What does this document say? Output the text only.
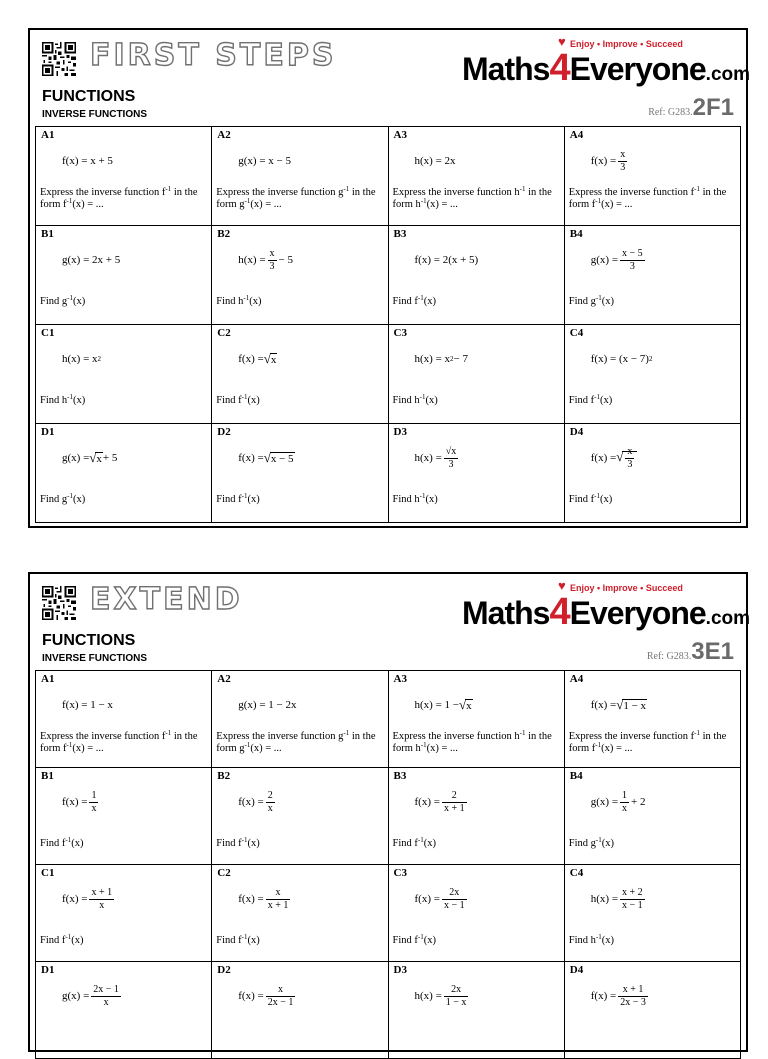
FIRST STEPS	♥ Enjoy • Improve • Succeed
Maths4Everyone.com
FUNCTIONS
INVERSE FUNCTIONS	Ref: G283.2F1
A1
f(x) = x + 5
Express the inverse function $f^{-1}$ in the form $f^{-1}(x)$ = ...
A2
g(x) = x − 5
Express the inverse function $g^{-1}$ in the form $g^{-1}(x)$ = ...
A3
h(x) = 2x
Express the inverse function $h^{-1}$ in the form $h^{-1}(x)$ = ...
A4
$f(x) = \frac{x}{3}$
Express the inverse function $f^{-1}$ in the form $f^{-1}(x)$ = ...
B1
g(x) = 2x + 5
Find $g^{-1}(x)$
B2
$h(x) = \frac{x}{3} - 5$
Find $h^{-1}(x)$
B3
f(x) = 2(x + 5)
Find $f^{-1}(x)$
B4
$g(x) = \frac{x - 5}{3}$
Find $g^{-1}(x)$
C1
h(x) = x 2
Find $h^{-1}(x)$
C2
f(x) = √x
Find $f^{-1}(x)$
C3
h(x) = x 2 − 7
Find $h^{-1}(x)$
C4
f(x) = (x − 7) 2
Find $f^{-1}(x)$
D1
g(x) = √x + 5
Find $g^{-1}(x)$
D2
f(x) = √x − 5
Find $f^{-1}(x)$
D3
$h(x) = \frac{√x}{3}$
Find $h^{-1}(x)$
D4
f(x) = √ $\frac{x}{3}$
Find $f^{-1}(x)$
EXTEND	♥ Enjoy • Improve • Succeed
Maths4Everyone.com
FUNCTIONS
INVERSE FUNCTIONS	Ref: G283.3E1
A1
f(x) = 1 − x
Express the inverse function $f^{-1}$ in the form $f^{-1}(x)$ = ...
A2
g(x) = 1 − 2x
Express the inverse function $g^{-1}$ in the form $g^{-1}(x)$ = ...
A3
h(x) = 1 − √x
Express the inverse function $h^{-1}$ in the form $h^{-1}(x)$ = ...
A4
f(x) = √1 − x
Express the inverse function $f^{-1}$ in the form $f^{-1}(x)$ = ...
B1
$f(x) = \frac{1}{x}$
Find $f^{-1}(x)$
B2
$f(x) = \frac{2}{x}$
Find $f^{-1}(x)$
B3
$f(x) = \frac{2}{x + 1}$
Find $f^{-1}(x)$
B4
$g(x) = \frac{1}{x} + 2$
Find $g^{-1}(x)$
C1
$f(x) = \frac{x + 1}{x}$
Find $f^{-1}(x)$
C2
$f(x) = \frac{x}{x + 1}$
Find $f^{-1}(x)$
C3
$f(x) = \frac{2x}{x - 1}$
Find $f^{-1}(x)$
C4
$h(x) = \frac{x + 2}{x - 1}$
Find $h^{-1}(x)$
D1
$g(x) = \frac{2x - 1}{x}$
D2
$f(x) = \frac{x}{2x - 1}$
D3
$h(x) = \frac{2x}{1 - x}$
D4
$f(x) = \frac{x + 1}{2x - 3}$
